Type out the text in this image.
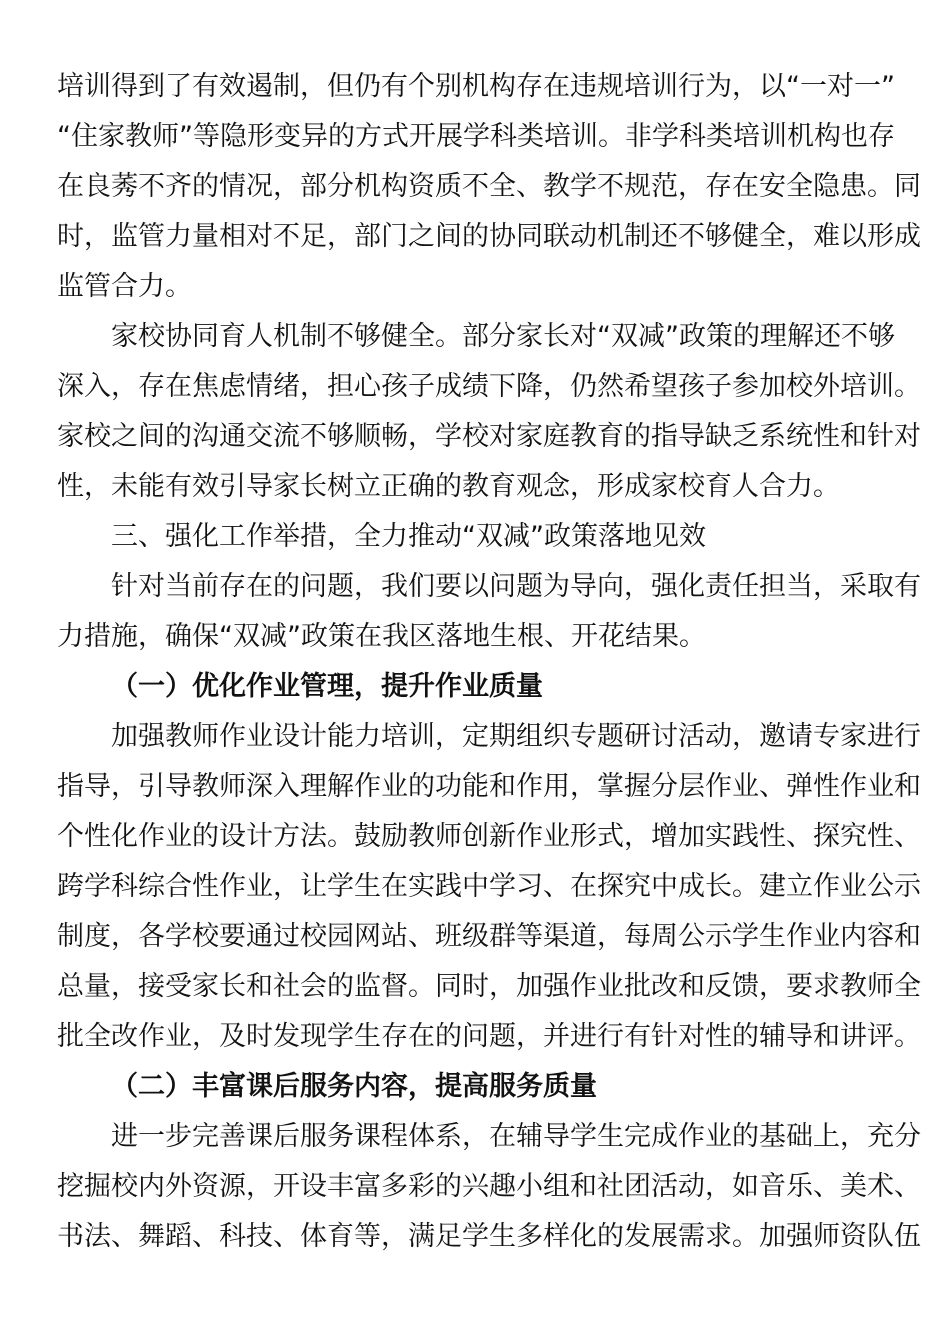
培训得到了有效遏制，但仍有个别机构存在违规培训行为，以“一对一”
“住家教师”等隐形变异的方式开展学科类培训。非学科类培训机构也存
在良莠不齐的情况，部分机构资质不全、教学不规范，存在安全隐患。同
时，监管力量相对不足，部门之间的协同联动机制还不够健全，难以形成
监管合力。
家校协同育人机制不够健全。部分家长对“双减”政策的理解还不够
深入，存在焦虑情绪，担心孩子成绩下降，仍然希望孩子参加校外培训。
家校之间的沟通交流不够顺畅，学校对家庭教育的指导缺乏系统性和针对
性，未能有效引导家长树立正确的教育观念，形成家校育人合力。
三、强化工作举措，全力推动“双减”政策落地见效
针对当前存在的问题，我们要以问题为导向，强化责任担当，采取有
力措施，确保“双减”政策在我区落地生根、开花结果。
（一）优化作业管理，提升作业质量
加强教师作业设计能力培训，定期组织专题研讨活动，邀请专家进行
指导，引导教师深入理解作业的功能和作用，掌握分层作业、弹性作业和
个性化作业的设计方法。鼓励教师创新作业形式，增加实践性、探究性、
跨学科综合性作业，让学生在实践中学习、在探究中成长。建立作业公示
制度，各学校要通过校园网站、班级群等渠道，每周公示学生作业内容和
总量，接受家长和社会的监督。同时，加强作业批改和反馈，要求教师全
批全改作业，及时发现学生存在的问题，并进行有针对性的辅导和讲评。
（二）丰富课后服务内容，提高服务质量
进一步完善课后服务课程体系，在辅导学生完成作业的基础上，充分
挖掘校内外资源，开设丰富多彩的兴趣小组和社团活动，如音乐、美术、
书法、舞蹈、科技、体育等，满足学生多样化的发展需求。加强师资队伍
